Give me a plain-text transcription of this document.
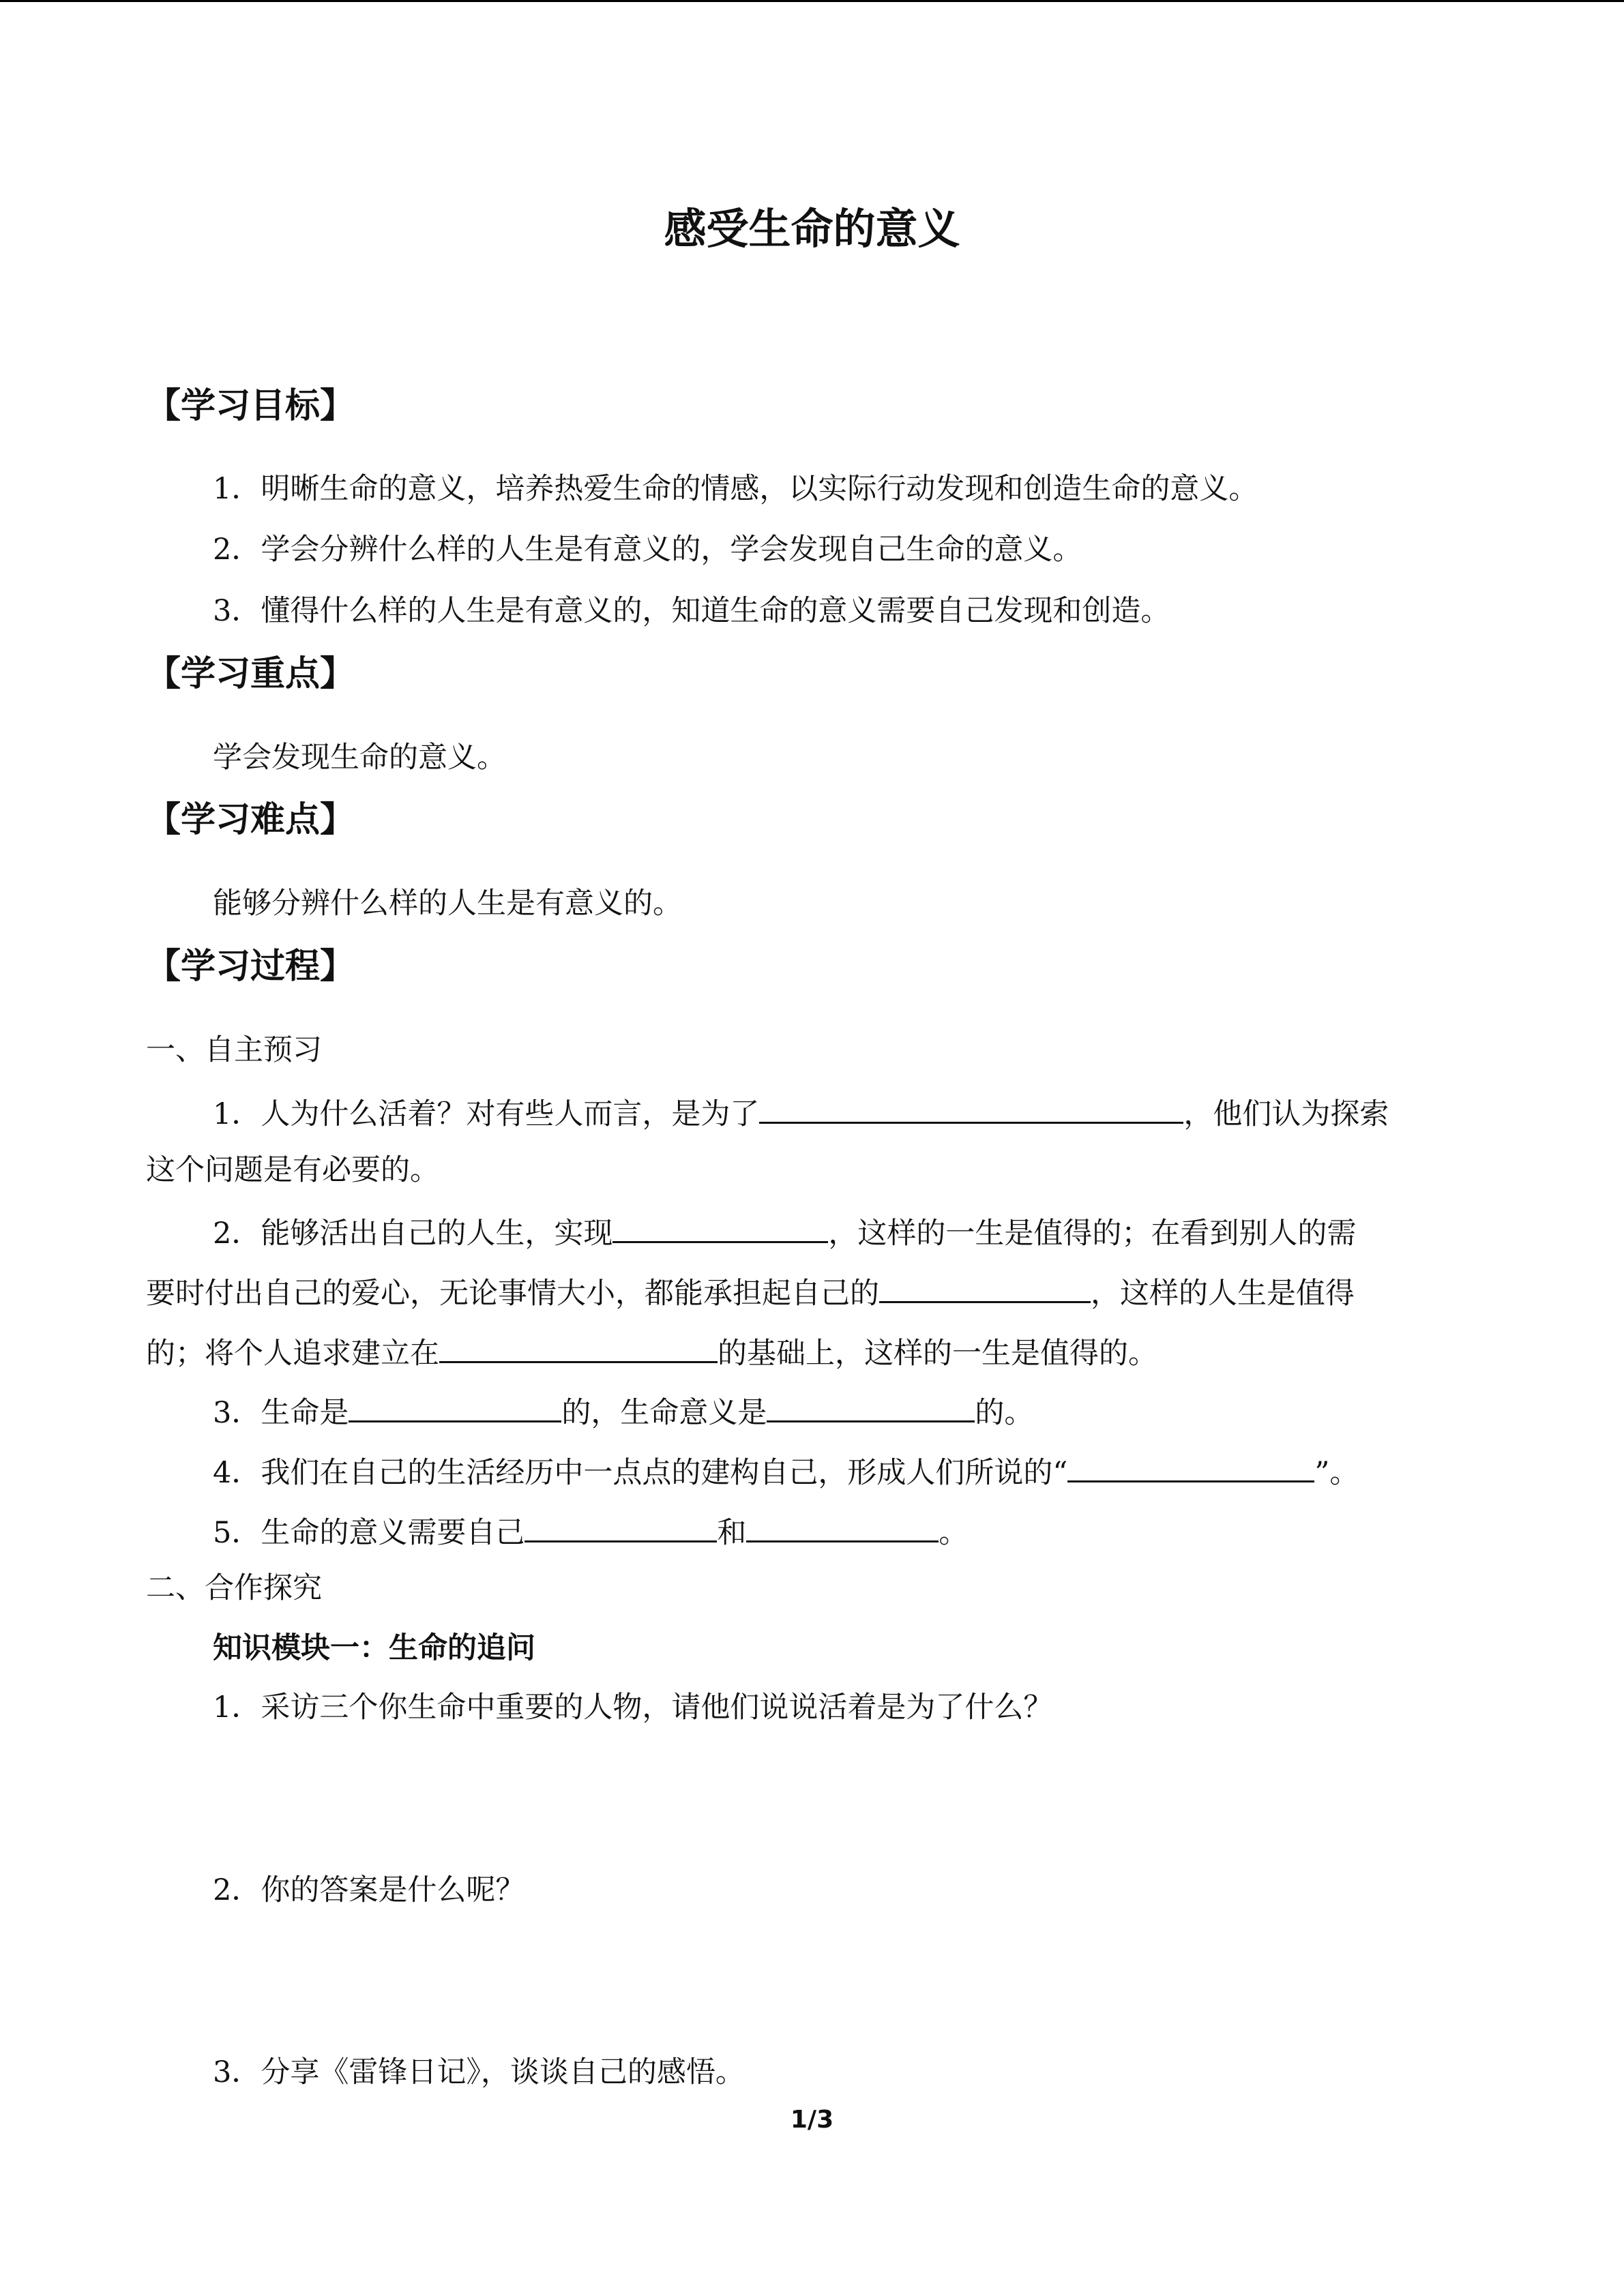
感受生命的意义
【学习目标】
1．明晰生命的意义，培养热爱生命的情感，以实际行动发现和创造生命的意义。
2．学会分辨什么样的人生是有意义的，学会发现自己生命的意义。
3．懂得什么样的人生是有意义的，知道生命的意义需要自己发现和创造。
【学习重点】
学会发现生命的意义。
【学习难点】
能够分辨什么样的人生是有意义的。
【学习过程】
一、自主预习
1．人为什么活着？对有些人而言，是为了	，他们认为探索
这个问题是有必要的。
2．能够活出自己的人生，实现	，这样的一生是值得的；在看到别人的需
要时付出自己的爱心，无论事情大小，都能承担起自己的	，这样的人生是值得
的；将个人追求建立在	的基础上，这样的一生是值得的。
3．生命是	的，生命意义是	的。
4．我们在自己的生活经历中一点点的建构自己，形成人们所说的“	”。
5．生命的意义需要自己	和	。
二、合作探究
知识模块一：生命的追问
1．采访三个你生命中重要的人物，请他们说说活着是为了什么？
2．你的答案是什么呢？
3．分享《雷锋日记》，谈谈自己的感悟。
1/3
